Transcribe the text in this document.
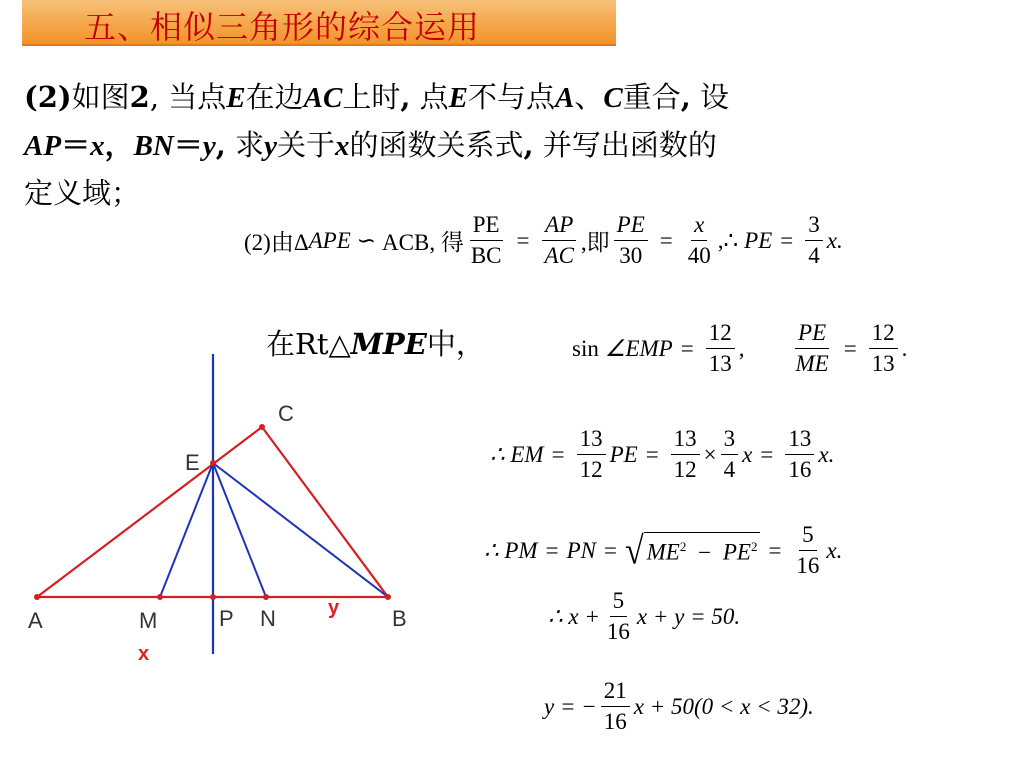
五、相似三角形的综合运用
(2)如图2, 当点E在边AC上时, 点E不与点A、C重合, 设
AP＝x，BN＝y, 求y关于x的函数关系式, 并写出函数的
定义域；
(2)由Δ APE ∽ ACB, 得 $\frac{PE}{BC} = \frac{AP}{AC}$ ,即 $\frac{PE}{30} = \frac{x}{40}$ ,∴ PE = $\frac{3}{4} x$.
在Rt△MPE中，	sin ∠EMP = $\frac{12}{13}$ , $\frac{PE}{ME} = \frac{12}{13}$ .
∴ EM = $\frac{13}{12}$ PE = $\frac{13}{12} \times \frac{3}{4}$ $x = \frac{13}{16} x$.
∴ PM = PN = √ $ME^2 - PE^2 = \frac{5}{16} x$.
∴ $x + \frac{5}{16}$ x + y = 50.
y = − $\frac{21}{16}$ x + 50(0 < x < 32).
A	M	P N	B
E
C
x
y
